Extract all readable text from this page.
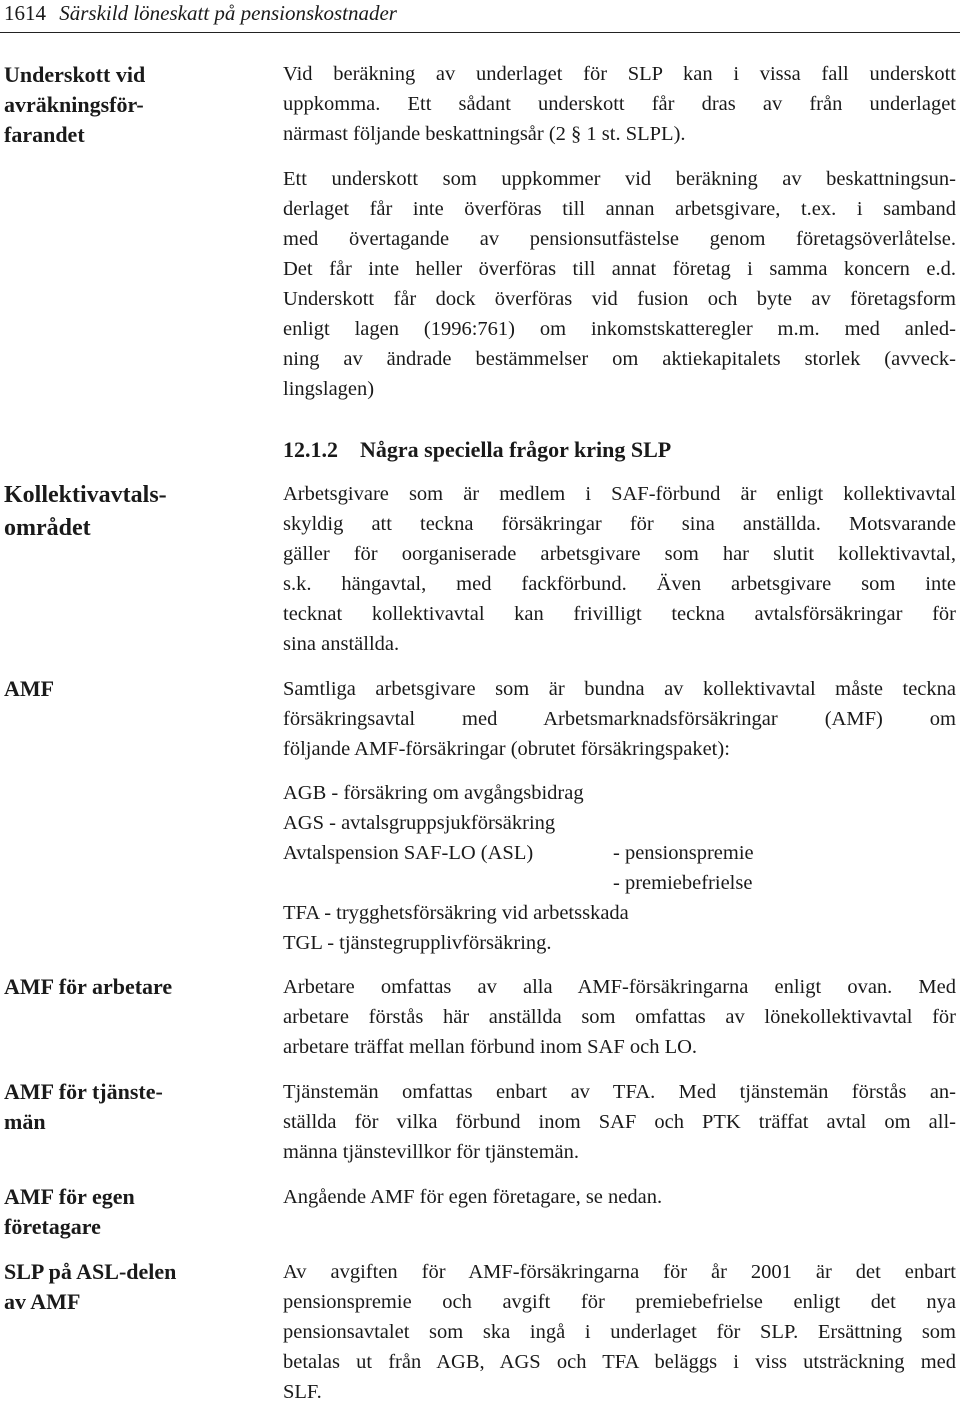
1614 Särskild löneskatt på pensionskostnader
Underskott vid
avräkningsför-
farandet
Kollektivavtals-
området
AMF
AMF för arbetare
AMF för tjänste-
män
AMF för egen
företagare
SLP på ASL-delen
av AMF

Vid beräkning av underlaget för SLP kan i vissa fall underskott
uppkomma. Ett sådant underskott får dras av från underlaget
närmast följande beskattningsår (2 § 1 st. SLPL).

Ett underskott som uppkommer vid beräkning av beskattningsun-
derlaget får inte överföras till annan arbetsgivare, t.ex. i samband
med övertagande av pensionsutfästelse genom företagsöverlåtelse.
Det får inte heller överföras till annat företag i samma koncern e.d.
Underskott får dock överföras vid fusion och byte av företagsform
enligt lagen (1996:761) om inkomstskatteregler m.m. med anled-
ning av ändrade bestämmelser om aktiekapitalets storlek (avveck-
lingslagen)

12.1.2 Några speciella frågor kring SLP

Arbetsgivare som är medlem i SAF-förbund är enligt kollektivavtal
skyldig att teckna försäkringar för sina anställda. Motsvarande
gäller för oorganiserade arbetsgivare som har slutit kollektivavtal,
s.k. hängavtal, med fackförbund. Även arbetsgivare som inte
tecknat kollektivavtal kan frivilligt teckna avtalsförsäkringar för
sina anställda.

Samtliga arbetsgivare som är bundna av kollektivavtal måste teckna
försäkringsavtal med Arbetsmarknadsförsäkringar (AMF) om
följande AMF-försäkringar (obrutet försäkringspaket):

AGB - försäkring om avgångsbidrag
AGS - avtalsgruppsjukförsäkring
Avtalspension SAF-LO (ASL)	- pensionspremie
- premiebefrielse
TFA - trygghetsförsäkring vid arbetsskada
TGL - tjänstegrupplivförsäkring.

Arbetare omfattas av alla AMF-försäkringarna enligt ovan. Med
arbetare förstås här anställda som omfattas av lönekollektivavtal för
arbetare träffat mellan förbund inom SAF och LO.

Tjänstemän omfattas enbart av TFA. Med tjänstemän förstås an-
ställda för vilka förbund inom SAF och PTK träffat avtal om all-
männa tjänstevillkor för tjänstemän.

Angående AMF för egen företagare, se nedan.

Av avgiften för AMF-försäkringarna för år 2001 är det enbart
pensionspremie och avgift för premiebefrielse enligt det nya
pensionsavtalet som ska ingå i underlaget för SLP. Ersättning som
betalas ut från AGB, AGS och TFA beläggs i viss utsträckning med
SLF.
